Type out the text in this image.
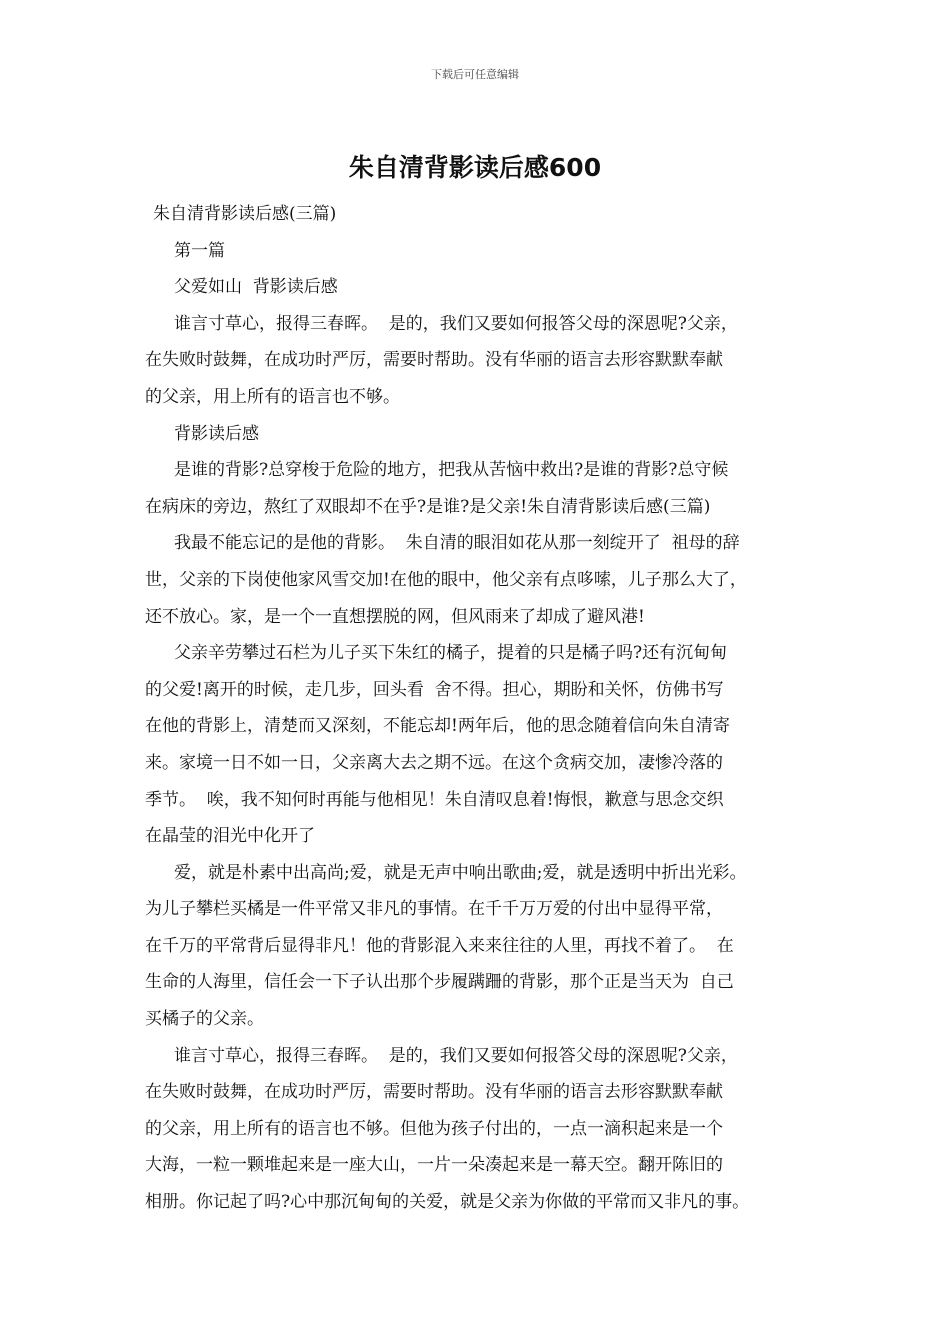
下载后可任意编辑
朱自清背影读后感600
朱自清背影读后感(三篇)
第一篇
父爱如山  背影读后感
谁言寸草心，报得三春晖。  是的，我们又要如何报答父母的深恩呢?父亲，
在失败时鼓舞，在成功时严厉，需要时帮助。没有华丽的语言去形容默默奉献
的父亲，用上所有的语言也不够。
背影读后感
是谁的背影?总穿梭于危险的地方，把我从苦恼中救出?是谁的背影?总守候
在病床的旁边，熬红了双眼却不在乎?是谁?是父亲!朱自清背影读后感(三篇)
我最不能忘记的是他的背影。  朱自清的眼泪如花从那一刻绽开了  祖母的辞
世，父亲的下岗使他家风雪交加!在他的眼中，他父亲有点哆嗦，儿子那么大了，
还不放心。家，是一个一直想摆脱的网，但风雨来了却成了避风港!
父亲辛劳攀过石栏为儿子买下朱红的橘子，提着的只是橘子吗?还有沉甸甸
的父爱!离开的时候，走几步，回头看  舍不得。担心，期盼和关怀，仿佛书写
在他的背影上，清楚而又深刻，不能忘却!两年后，他的思念随着信向朱自清寄
来。家境一日不如一日，父亲离大去之期不远。在这个贪病交加，凄惨冷落的
季节。  唉，我不知何时再能与他相见！朱自清叹息着!悔恨，歉意与思念交织
在晶莹的泪光中化开了
爱，就是朴素中出高尚;爱，就是无声中响出歌曲;爱，就是透明中折出光彩。
为儿子攀栏买橘是一件平常又非凡的事情。在千千万万爱的付出中显得平常，
在千万的平常背后显得非凡！他的背影混入来来往往的人里，再找不着了。  在
生命的人海里，信任会一下子认出那个步履蹒跚的背影，那个正是当天为  自己
买橘子的父亲。
谁言寸草心，报得三春晖。  是的，我们又要如何报答父母的深恩呢?父亲，
在失败时鼓舞，在成功时严厉，需要时帮助。没有华丽的语言去形容默默奉献
的父亲，用上所有的语言也不够。但他为孩子付出的，一点一滴积起来是一个
大海，一粒一颗堆起来是一座大山，一片一朵凑起来是一幕天空。翻开陈旧的
相册。你记起了吗?心中那沉甸甸的关爱，就是父亲为你做的平常而又非凡的事。
